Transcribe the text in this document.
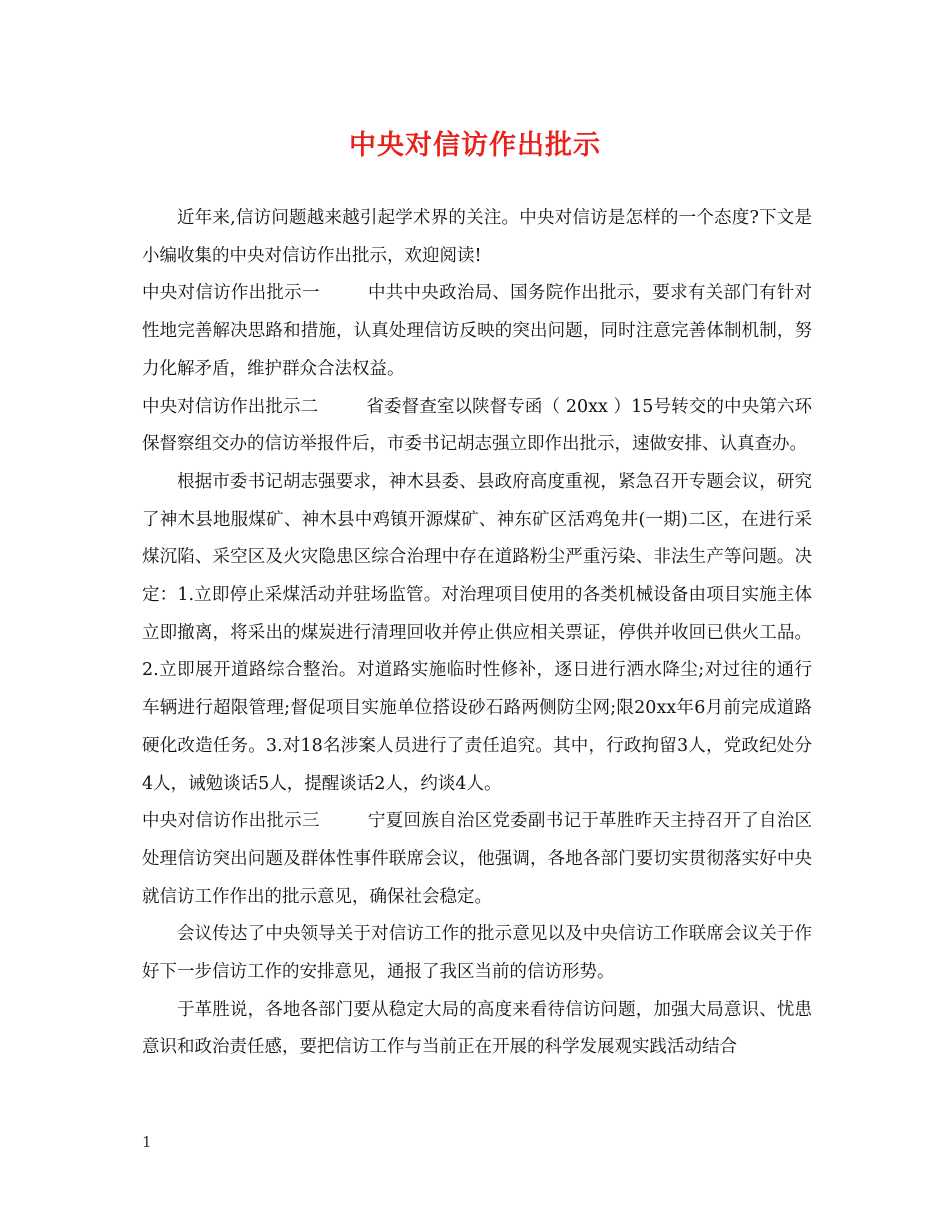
中央对信访作出批示

近年来,信访问题越来越引起学术界的关注。中央对信访是怎样的一个态度?下文是小编收集的中央对信访作出批示，欢迎阅读!

中央对信访作出批示一	中共中央政治局、国务院作出批示，要求有关部门有针对性地完善解决思路和措施，认真处理信访反映的突出问题，同时注意完善体制机制，努力化解矛盾，维护群众合法权益。

中央对信访作出批示二	省委督查室以陕督专函（ 20xx ）15号转交的中央第六环保督察组交办的信访举报件后，市委书记胡志强立即作出批示，速做安排、认真查办。

根据市委书记胡志强要求，神木县委、县政府高度重视，紧急召开专题会议，研究了神木县地服煤矿、神木县中鸡镇开源煤矿、神东矿区活鸡兔井(一期)二区，在进行采煤沉陷、采空区及火灾隐患区综合治理中存在道路粉尘严重污染、非法生产等问题。决定：1.立即停止采煤活动并驻场监管。对治理项目使用的各类机械设备由项目实施主体立即撤离，将采出的煤炭进行清理回收并停止供应相关票证，停供并收回已供火工品。2.立即展开道路综合整治。对道路实施临时性修补，逐日进行洒水降尘;对过往的通行车辆进行超限管理;督促项目实施单位搭设砂石路两侧防尘网;限20xx年6月前完成道路硬化改造任务。3.对18名涉案人员进行了责任追究。其中，行政拘留3人，党政纪处分4人，诫勉谈话5人，提醒谈话2人，约谈4人。

中央对信访作出批示三	宁夏回族自治区党委副书记于革胜昨天主持召开了自治区处理信访突出问题及群体性事件联席会议，他强调，各地各部门要切实贯彻落实好中央就信访工作作出的批示意见，确保社会稳定。

会议传达了中央领导关于对信访工作的批示意见以及中央信访工作联席会议关于作好下一步信访工作的安排意见，通报了我区当前的信访形势。

于革胜说，各地各部门要从稳定大局的高度来看待信访问题，加强大局意识、忧患意识和政治责任感，要把信访工作与当前正在开展的科学发展观实践活动结合

1
